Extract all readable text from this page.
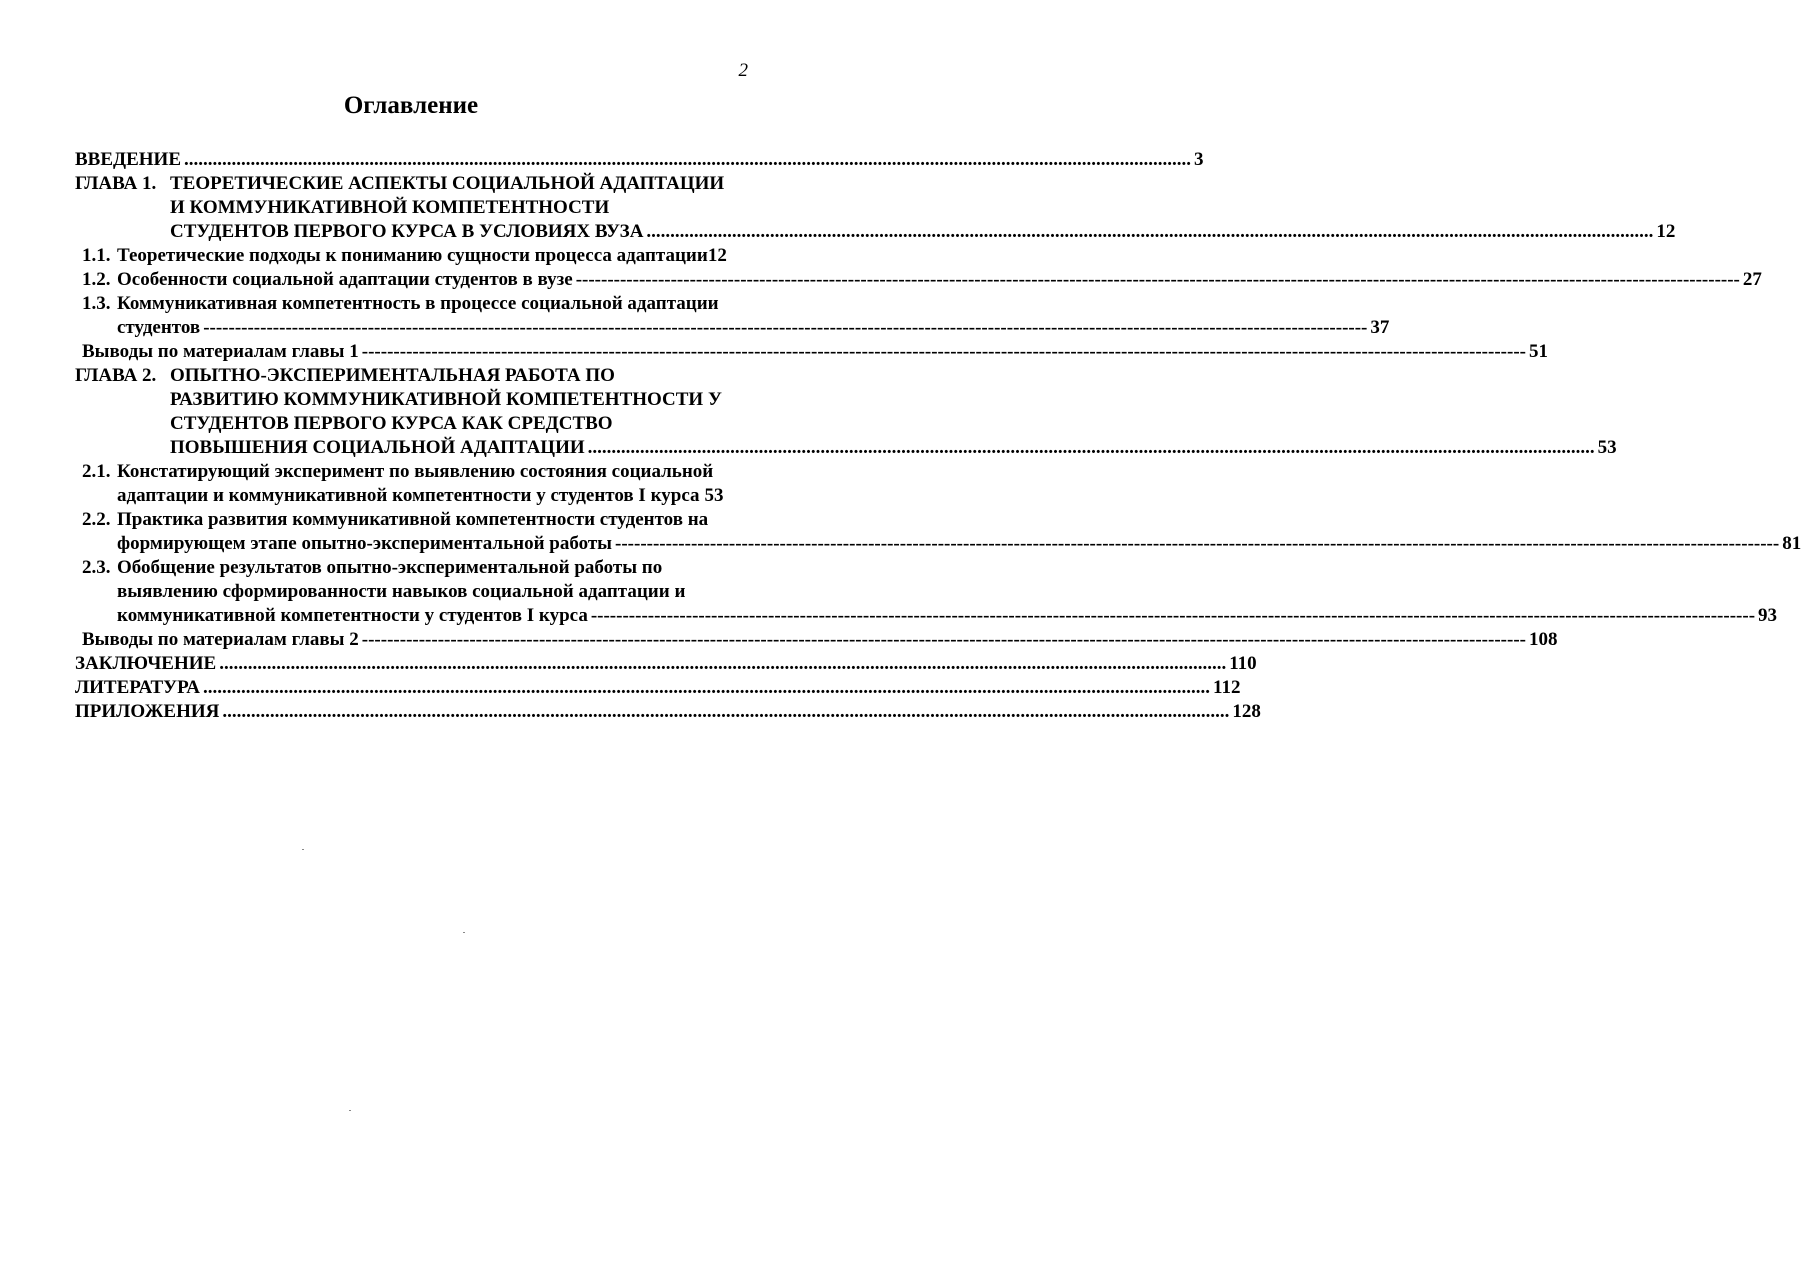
2
Оглавление
ВВЕДЕНИЕ .....	3
ГЛАВА 1. ТЕОРЕТИЧЕСКИЕ АСПЕКТЫ СОЦИАЛЬНОЙ АДАПТАЦИИ
И КОММУНИКАТИВНОЙ КОМПЕТЕНТНОСТИ
СТУДЕНТОВ ПЕРВОГО КУРСА В УСЛОВИЯХ ВУЗА .....	12
1.1. Теоретические подходы к пониманию сущности процесса адаптации 12
1.2. Особенности социальной адаптации студентов в вузе -----	27
1.3. Коммуникативная компетентность в процессе социальной адаптации
студентов -----	37
Выводы по материалам главы 1 -----	51
ГЛАВА 2. ОПЫТНО-ЭКСПЕРИМЕНТАЛЬНАЯ РАБОТА ПО
РАЗВИТИЮ КОММУНИКАТИВНОЙ КОМПЕТЕНТНОСТИ У
СТУДЕНТОВ ПЕРВОГО КУРСА КАК СРЕДСТВО
ПОВЫШЕНИЯ СОЦИАЛЬНОЙ АДАПТАЦИИ .....	53
2.1. Констатирующий эксперимент по выявлению состояния социальной
адаптации и коммуникативной компетентности у студентов I курса 53
2.2. Практика развития коммуникативной компетентности студентов на
формирующем этапе опытно-экспериментальной работы -----	81
2.3. Обобщение результатов опытно-экспериментальной работы по
выявлению сформированности навыков социальной адаптации и
коммуникативной компетентности у студентов I курса -----	93
Выводы по материалам главы 2 -----	108
ЗАКЛЮЧЕНИЕ .....	110
ЛИТЕРАТУРА .....	112
ПРИЛОЖЕНИЯ .....	128
